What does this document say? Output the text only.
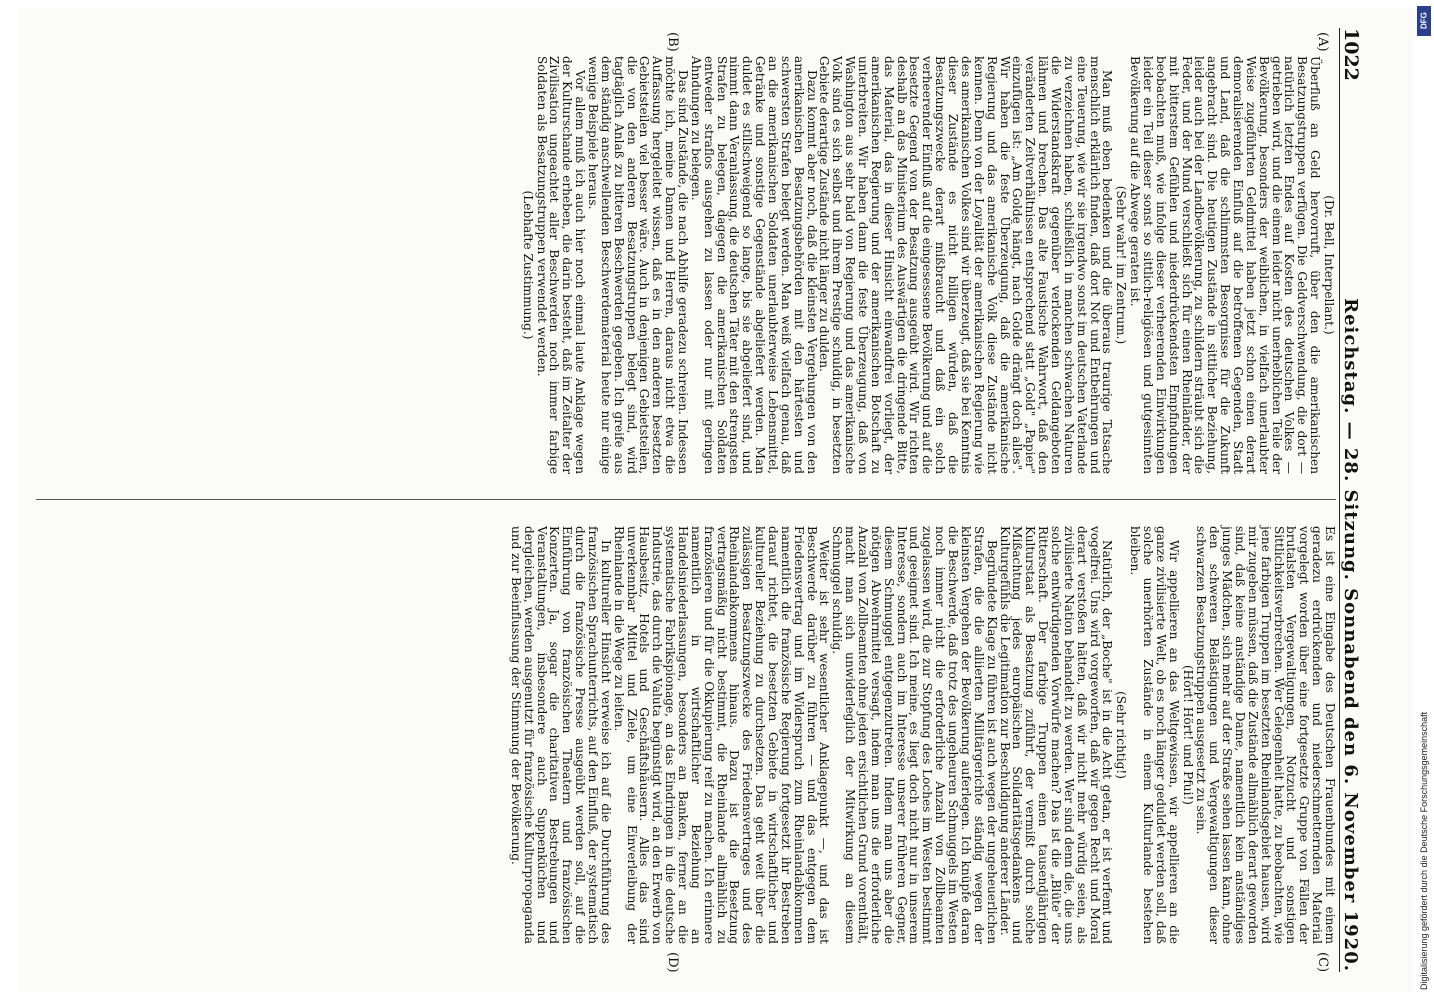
1022
Reichstag. — 28. Sitzung. Sonnabend den 6. November 1920.
(A)
(B)
(C)
(D)

(Dr. Bell, Interpellant.)

Überfluß an Geld hervorruft, über den die amerikanischen Besatzungstruppen verfügen. Die Geldverschwendung, die dort — natürlich letzten Endes auf Kosten des deutschen Volkes — getrieben wird, und die einem leider nicht unerheblichen Teile der Bevölkerung, besonders der weiblichen, in vielfach unerlaubter Weise zugeführten Geldmittel haben jetzt schon einen derart demoralisierenden Einfluß auf die betroffenen Gegenden, Stadt und Land, daß die schlimmsten Besorgnisse für die Zukunft angebracht sind. Die heutigen Zustände in sittlicher Beziehung, leider auch bei der Landbevölkerung, zu schildern sträubt sich die Feder, und der Mund verschließt sich für einen Rheinländer, der mit bitterstem Gefühlen und niederdrückendsten Empfindungen beobachten muß, wie infolge dieser verheerenden Einwirkungen leider ein Teil dieser sonst so sittlich-religiösen und gutgesinnten Bevölkerung auf die Abwege geraten ist.

(Sehr wahr! im Zentrum.)

Man muß eben bedenken und die überaus traurige Tatsache menschlich erklärlich finden, daß dort Not und Entbehrungen und eine Teuerung, wie wir sie irgendwo sonst im deutschen Vaterlande zu verzeichnen haben, schließlich in manchen schwachen Naturen die Widerstandskraft gegenüber verlockenden Geldangeboten lähmen und brechen. Das alte Faustische Wahrwort, daß den veränderten Zeitverhältnissen entsprechend statt „Gold" „Papier" einzufügen ist: „Am Golde hängt, nach Golde drängt doch alles". Wir haben die feste Überzeugung, daß die amerikanische Regierung und das amerikanische Volk diese Zustände nicht kennen. Denn von der Loyalität der amerikanischen Regierung wie des amerikanischen Volkes sind wir überzeugt, daß sie bei Kenntnis dieser Zustände es nicht billigen würden, daß die Besatzungszwecke derart mißbraucht und daß ein solch verheerender Einfluß auf die eingesessene Bevölkerung und auf die besetzte Gegend von der Besatzung ausgeübt wird. Wir richten deshalb an das Ministerium des Auswärtigen die dringende Bitte, das Material, das in dieser Hinsicht einwandfrei vorliegt, der amerikanischen Regierung und der amerikanischen Botschaft zu unterbreiten. Wir haben dann die feste Überzeugung, daß von Washington aus sehr bald von Regierung und das amerikanische Volk sind es sich selbst und ihrem Prestige schuldig, in besetzten Gebiete derartige Zustände nicht länger zu dulden.

Dazu kommt aber noch, daß die kleinsten Vergehungen von den amerikanischen Besatzungsbehörden mit den härtesten und schwersten Strafen belegt werden. Man weiß vielfach genau, daß an die amerikanischen Soldaten unerlaubterweise Lebensmittel, Getränke und sonstige Gegenstände abgeliefert werden. Man duldet es stillschweigend so lange, bis sie abgeliefert sind, und nimmt dann Veranlassung, die deutschen Täter mit den strengsten Strafen zu belegen, dagegen die amerikanischen Soldaten entweder straflos ausgehen zu lassen oder nur mit geringen Ahndungen zu belegen.

Das sind Zustände, die nach Abhilfe geradezu schreien. Indessen möchte ich, meine Damen und Herren, daraus nicht etwa die Auffassung hergeleitet wissen, daß es in den anderen besetzten Gebietsteilen viel besser wäre. Auch in denjenigen Gebietsteilen, die von den anderen Besatzungstruppen belegt sind, wird tagtäglich Anlaß zu bitteren Beschwerden gegeben. Ich greife aus dem ständig anschwellenden Beschwerdematerial heute nur einige wenige Beispiele heraus.

Vor allem muß ich auch hier noch einmal laute Anklage wegen der Kulturschande erheben, die darin besteht, daß im Zeitalter der Zivilisation ungeachtet aller Beschwerden noch immer farbige Soldaten als Besatzungstruppen verwendet werden.

(Lebhafte Zustimmung.)

Es ist eine Eingabe des Deutschen Frauenbundes mit einem geradezu erdrückenden und niederschmetternden Material vorgelegt worden über eine fortgesetzte Gruppe von Fällen der brutalsten Vergewaltigungen, Notzucht und sonstigen Sittlichkeitsverbrechen. Wer Gelegenheit hatte, zu beobachten, wie jene farbigen Truppen im besetzten Rheinlandsgebiet hausen, wird mir zugeben müssen, daß die Zustände allmählich derart geworden sind, daß keine anständige Dame, namentlich kein anständiges junges Mädchen, sich mehr auf der Straße sehen lassen kann, ohne den schweren Belästigungen und Vergewaltigungen dieser schwarzen Besatzungstruppen ausgesetzt zu sein.

(Hört! Hört! und Pfui!)

Wir appellieren an das Weltgewissen, wir appellieren an die ganze zivilisierte Welt, ob es noch länger geduldet werden soll, daß solche unerhörten Zustände in einem Kulturlande bestehen bleiben.

(Sehr richtig!)

Natürlich, der „Boche" ist in die Acht getan, er ist verfemt und vogelfrei. Uns wird vorgeworfen, daß wir gegen Recht und Moral derart verstoßen hätten, daß wir nicht mehr würdig seien, als zivilisierte Nation behandelt zu werden. Wer sind denn die, die uns solche entwürdigenden Vorwürfe machen? Das ist die „Blüte" der Ritterschaft. Der farbige Truppen einen tausendjährigen Kulturstaat als Besatzung zuführt, der vermißt durch solche Mißachtung jedes europäischen Solidaritätsgedankens und Kulturgefühls die Legitimation zur Beschuldigung anderer Länder.

Begründete Klage zu führen ist auch wegen der ungeheuerlichen Strafen, die die alliierten Militärgerichte ständig wegen der kleinsten Vergehen der Bevölkerung auferlegen. Ich knüpfe daran die Beschwerde, daß trotz des ungeheuren Schmuggels im Westen noch immer nicht die erforderliche Anzahl von Zollbeamten zugelassen wird, die zur Stopfung des Loches im Westen bestimmt und geeignet sind. Ich meine, es liegt doch nicht nur in unserem Interesse, sondern auch im Interesse unserer früheren Gegner, diesem Schmuggel entgegenzutreten. Indem man uns aber die nötigen Abwehrmittel versagt, indem man uns die erforderliche Anzahl von Zollbeamten ohne jeden ersichtlichen Grund vorenthält, macht man sich unwiderleglich der Mitwirkung an diesem Schmuggel schuldig.

Weiter ist sehr wesentlicher Anklagepunkt —, und das ist Beschwerde darüber zu führen — und das entgegen dem Friedensvertrag und im Widerspruch zum Rheinlandabkommen namentlich die französische Regierung fortgesetzt ihr Bestreben darauf richtet, die besetzten Gebiete in wirtschaftlicher und kultureller Beziehung zu durchsetzen. Das geht weit über die zulässigen Besatzungszwecke des Friedensvertrages und des Rheinlandabkommens hinaus. Dazu ist die Besetzung vertragsmäßig nicht bestimmt, die Rheinlande allmählich zu französieren und für die Okkupierung reif zu machen. Ich erinnere namentlich in wirtschaftlicher Beziehung an Handelsniederlassungen, besonders an Banken, ferner an die systematische Fabrikspionage, an das Eindringen in die deutsche Industrie, das durch die Valuta begünstigt wird, an den Erwerb von Hausbesitz, Hotels und Geschäftshäusern. Alles das sind unverkennbar Mittel und Ziele, um eine Einverleibung der Rheinlande in die Wege zu leiten.

In kultureller Hinsicht verweise ich auf die Durchführung des französischen Sprachunterrichts, auf den Einfluß, der systematisch durch die französische Presse ausgeübt werden soll, auf die Einführung von französischen Theatern und französischen Konzerten. Ja, sogar die charitativen Bestrebungen und Veranstaltungen, insbesondere auch Suppenküchen und dergleichen, werden ausgenutzt für französische Kulturpropaganda und zur Beeinflussung der Stimmung der Bevölkerung.	Digitalisierung gefördert durch die Deutsche Forschungsgemeinschaft
DFG
